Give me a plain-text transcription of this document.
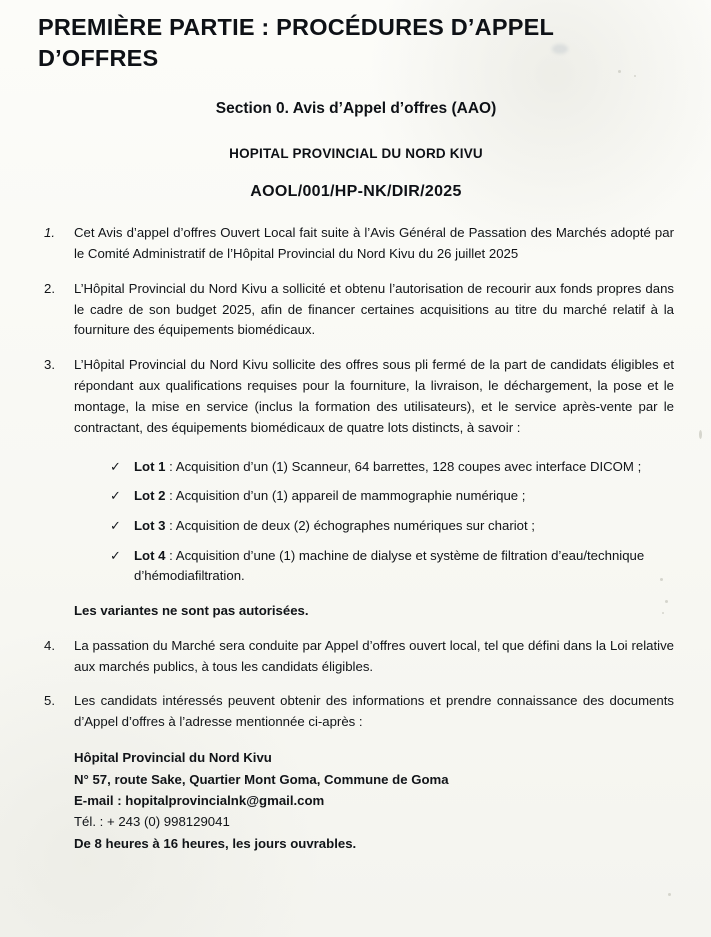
PREMIÈRE PARTIE : PROCÉDURES D’APPEL D’OFFRES
Section 0. Avis d’Appel d’offres (AAO)
HOPITAL PROVINCIAL DU NORD KIVU
AOOL/001/HP-NK/DIR/2025
1.	Cet Avis d’appel d’offres Ouvert Local fait suite à l’Avis Général de Passation des Marchés adopté par le Comité Administratif de l’Hôpital Provincial du Nord Kivu du 26 juillet 2025
2.	L’Hôpital Provincial du Nord Kivu a sollicité et obtenu l’autorisation de recourir aux fonds propres dans le cadre de son budget 2025, afin de financer certaines acquisitions au titre du marché relatif à la fourniture des équipements biomédicaux.
3.	L’Hôpital Provincial du Nord Kivu sollicite des offres sous pli fermé de la part de candidats éligibles et répondant aux qualifications requises pour la fourniture, la livraison, le déchargement, la pose et le montage, la mise en service (inclus la formation des utilisateurs), et le service après-vente par le contractant, des équipements biomédicaux de quatre lots distincts, à savoir :
✓ Lot 1 : Acquisition d’un (1) Scanneur, 64 barrettes, 128 coupes avec interface DICOM ;
✓ Lot 2 : Acquisition d’un (1) appareil de mammographie numérique ;
✓ Lot 3 : Acquisition de deux (2) échographes numériques sur chariot ;
✓ Lot 4 : Acquisition d’une (1) machine de dialyse et système de filtration d’eau/technique d’hémodiafiltration.

Les variantes ne sont pas autorisées.

4.	La passation du Marché sera conduite par Appel d’offres ouvert local, tel que défini dans la Loi relative aux marchés publics, à tous les candidats éligibles.
5.	Les candidats intéressés peuvent obtenir des informations et prendre connaissance des documents d’Appel d’offres à l’adresse mentionnée ci-après :
Hôpital Provincial du Nord Kivu
N° 57, route Sake, Quartier Mont Goma, Commune de Goma
E-mail : hopitalprovincialnk@gmail.com
Tél. : + 243 (0) 998129041
De 8 heures à 16 heures, les jours ouvrables.
